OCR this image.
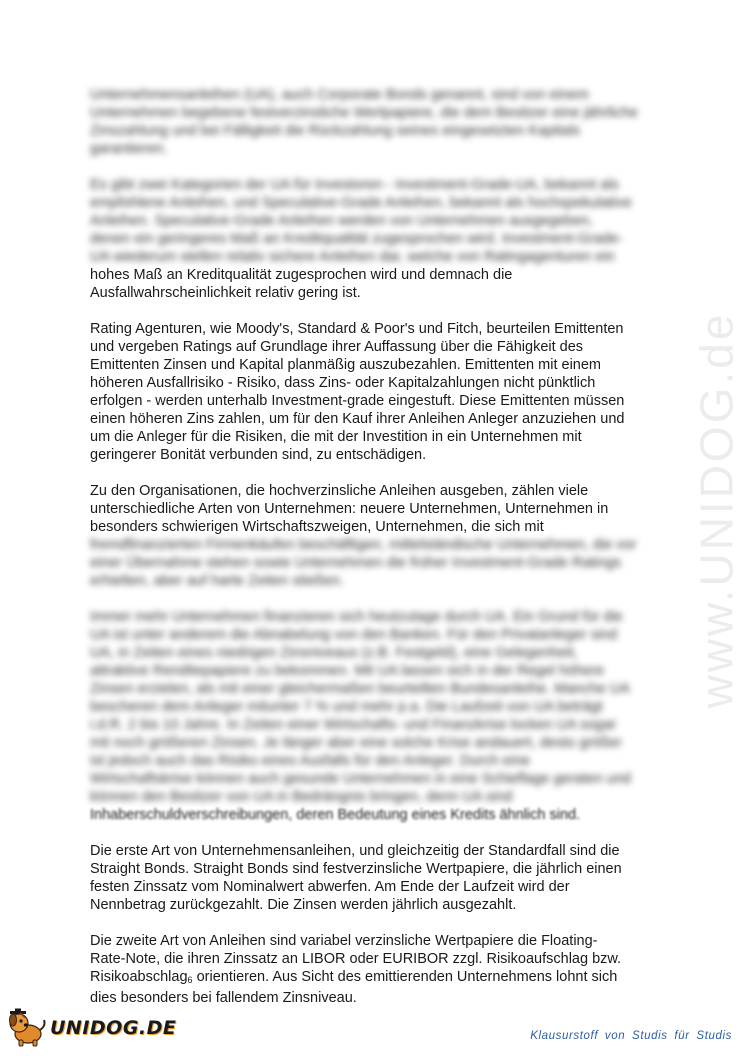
Unternehmensanleihen (UA), auch Corporate Bonds genannt, sind von einem
Unternehmen begebene festverzinsliche Wertpapiere, die dem Besitzer eine jährliche
Zinszahlung und bei Fälligkeit die Rückzahlung seines eingesetzten Kapitals
garantieren.
Es gibt zwei Kategorien der UA für Investoren - Investment-Grade-UA, bekannt als
empfohlene Anleihen, und Speculative-Grade Anleihen, bekannt als hochspekulative
Anleihen. Speculative-Grade Anleihen werden von Unternehmen ausgegeben,
denen ein geringeres Maß an Kreditqualität zugesprochen wird. Investment-Grade-
UA wiederum stellen relativ sichere Anleihen dar, welche von Ratingagenturen ein
hohes Maß an Kreditqualität zugesprochen wird und demnach die
Ausfallwahrscheinlichkeit relativ gering ist.
Rating Agenturen, wie Moody's, Standard & Poor's und Fitch, beurteilen Emittenten
und vergeben Ratings auf Grundlage ihrer Auffassung über die Fähigkeit des
Emittenten Zinsen und Kapital planmäßig auszubezahlen. Emittenten mit einem
höheren Ausfallrisiko - Risiko, dass Zins- oder Kapitalzahlungen nicht pünktlich
erfolgen - werden unterhalb Investment-grade eingestuft. Diese Emittenten müssen
einen höheren Zins zahlen, um für den Kauf ihrer Anleihen Anleger anzuziehen und
um die Anleger für die Risiken, die mit der Investition in ein Unternehmen mit
geringerer Bonität verbunden sind, zu entschädigen.
Zu den Organisationen, die hochverzinsliche Anleihen ausgeben, zählen viele
unterschiedliche Arten von Unternehmen: neuere Unternehmen, Unternehmen in
besonders schwierigen Wirtschaftszweigen, Unternehmen, die sich mit
fremdfinanzierten Firmenkäufen beschäftigen, mittelständische Unternehmen, die vor
einer Übernahme stehen sowie Unternehmen die früher Investment-Grade Ratings
erhielten, aber auf harte Zeiten stießen.
Immer mehr Unternehmen finanzieren sich heutzutage durch UA. Ein Grund für die
UA ist unter anderem die Abnabelung von den Banken. Für den Privatanleger sind
UA, in Zeiten eines niedrigen Zinsniveaus (z.B. Festgeld), eine Gelegenheit,
attraktive Renditepapiere zu bekommen. Mit UA lassen sich in der Regel höhere
Zinsen erzielen, als mit einer gleichermaßen beurteilten Bundesanleihe. Manche UA
bescheren dem Anleger mitunter 7 % und mehr p.a. Die Laufzeit von UA beträgt
i.d.R. 2 bis 10 Jahre. In Zeiten einer Wirtschafts- und Finanzkrise locken UA sogar
mit noch größeren Zinsen. Je länger aber eine solche Krise andauert, desto größer
ist jedoch auch das Risiko eines Ausfalls für den Anleger. Durch eine
Wirtschaftskrise können auch gesunde Unternehmen in eine Schieflage geraten und
können den Besitzer von UA in Bedrängnis bringen, denn UA sind
Inhaberschuldverschreibungen, deren Bedeutung eines Kredits ähnlich sind.
Die erste Art von Unternehmensanleihen, und gleichzeitig der Standardfall sind die
Straight Bonds. Straight Bonds sind festverzinsliche Wertpapiere, die jährlich einen
festen Zinssatz vom Nominalwert abwerfen. Am Ende der Laufzeit wird der
Nennbetrag zurückgezahlt. Die Zinsen werden jährlich ausgezahlt.
Die zweite Art von Anleihen sind variabel verzinsliche Wertpapiere die Floating-
Rate-Note, die ihren Zinssatz an LIBOR oder EURIBOR zzgl. Risikoaufschlag bzw.
Risikoabschlag$_6$ orientieren. Aus Sicht des emittierenden Unternehmens lohnt sich
dies besonders bei fallendem Zinsniveau.
www.UNIDOG.de
UNIDOG.DE	Klausurstoff von Studis für Studis
